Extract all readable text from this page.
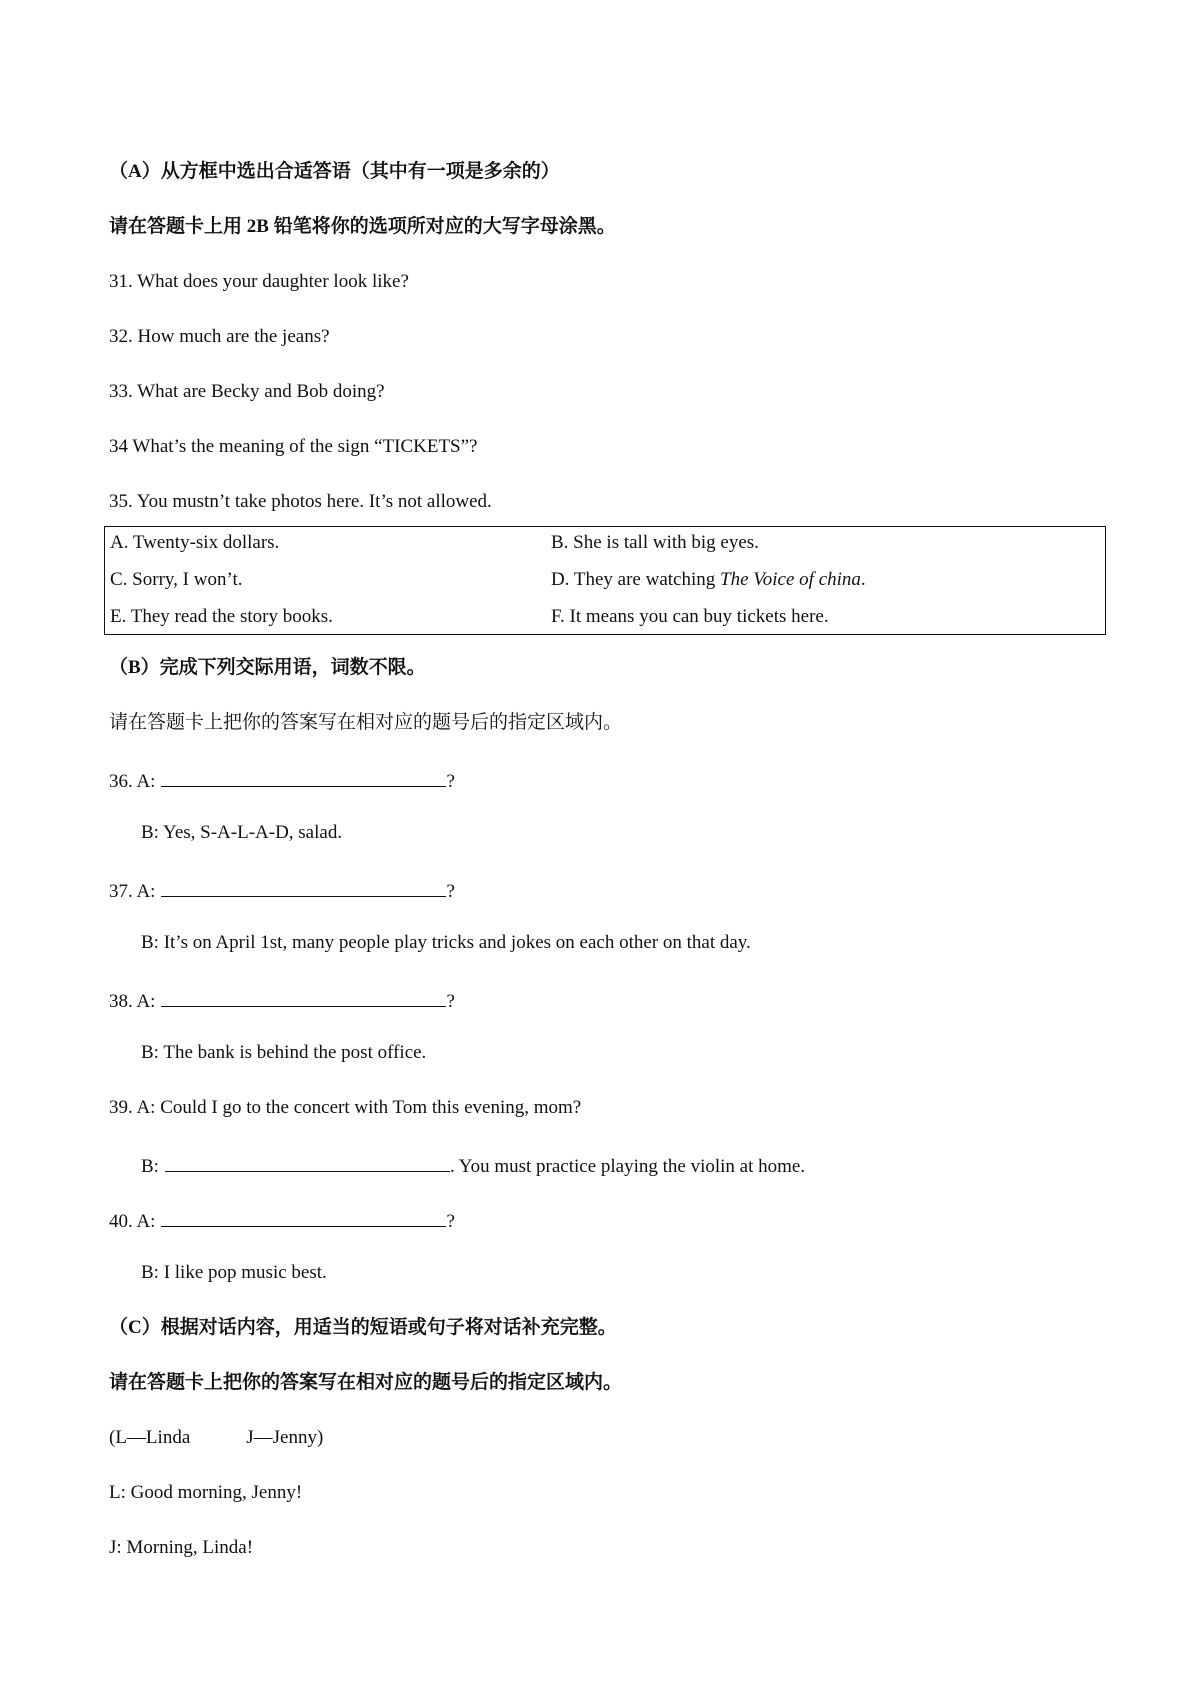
（A）从方框中选出合适答语（其中有一项是多余的）
请在答题卡上用 2B 铅笔将你的选项所对应的大写字母涂黑。
31. What does your daughter look like?
32. How much are the jeans?
33. What are Becky and Bob doing?
34 What’s the meaning of the sign “TICKETS”?
35. You mustn’t take photos here. It’s not allowed.
A. Twenty-six dollars.	B. She is tall with big eyes.
C. Sorry, I won’t.	D. They are watching The Voice of china.
E. They read the story books.	F. It means you can buy tickets here.
（B）完成下列交际用语，词数不限。
请在答题卡上把你的答案写在相对应的题号后的指定区域内。
36. A:	?
B: Yes, S-A-L-A-D, salad.
37. A:	?
B: It’s on April 1st, many people play tricks and jokes on each other on that day.
38. A:	?
B: The bank is behind the post office.
39. A: Could I go to the concert with Tom this evening, mom?
B:	. You must practice playing the violin at home.
40. A:	?
B: I like pop music best.
（C）根据对话内容，用适当的短语或句子将对话补充完整。
请在答题卡上把你的答案写在相对应的题号后的指定区域内。
(L—Linda	J—Jenny)
L: Good morning, Jenny!
J: Morning, Linda!
